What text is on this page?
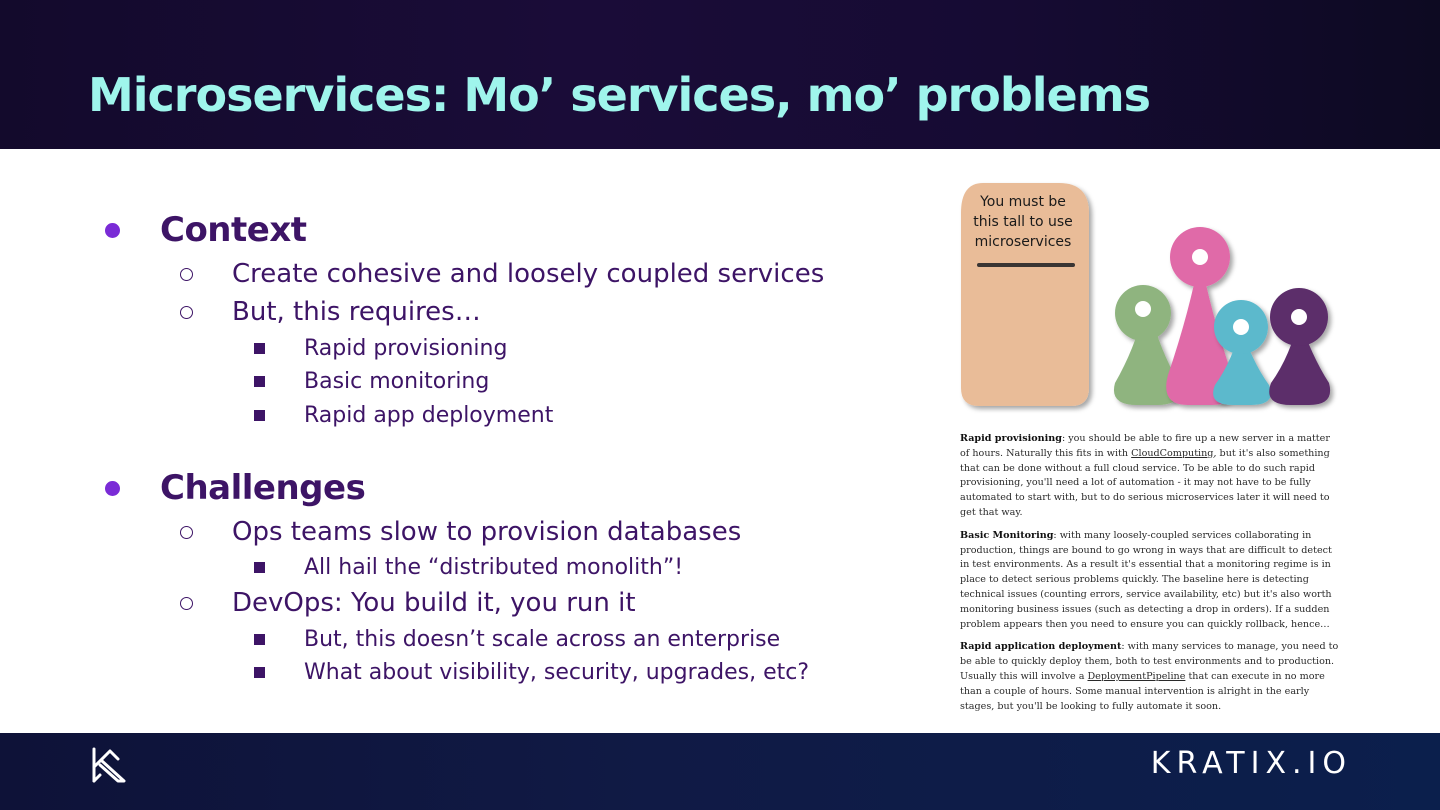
Microservices: Mo’ services, mo’ problems
Context
Create cohesive and loosely coupled services
But, this requires…
Rapid provisioning
Basic monitoring
Rapid app deployment
Challenges
Ops teams slow to provision databases
All hail the “distributed monolith”!
DevOps: You build it, you run it
But, this doesn’t scale across an enterprise
What about visibility, security, upgrades, etc?
You must be this tall to use microservices

Rapid provisioning: you should be able to fire up a new server in a matter of hours. Naturally this fits in with CloudComputing, but it's also something that can be done without a full cloud service. To be able to do such rapid provisioning, you'll need a lot of automation - it may not have to be fully automated to start with, but to do serious microservices later it will need to get that way.

Basic Monitoring: with many loosely-coupled services collaborating in production, things are bound to go wrong in ways that are difficult to detect in test environments. As a result it's essential that a monitoring regime is in place to detect serious problems quickly. The baseline here is detecting technical issues (counting errors, service availability, etc) but it's also worth monitoring business issues (such as detecting a drop in orders). If a sudden problem appears then you need to ensure you can quickly rollback, hence…

Rapid application deployment: with many services to manage, you need to be able to quickly deploy them, both to test environments and to production. Usually this will involve a DeploymentPipeline that can execute in no more than a couple of hours. Some manual intervention is alright in the early stages, but you'll be looking to fully automate it soon.

KRATIX.IO
